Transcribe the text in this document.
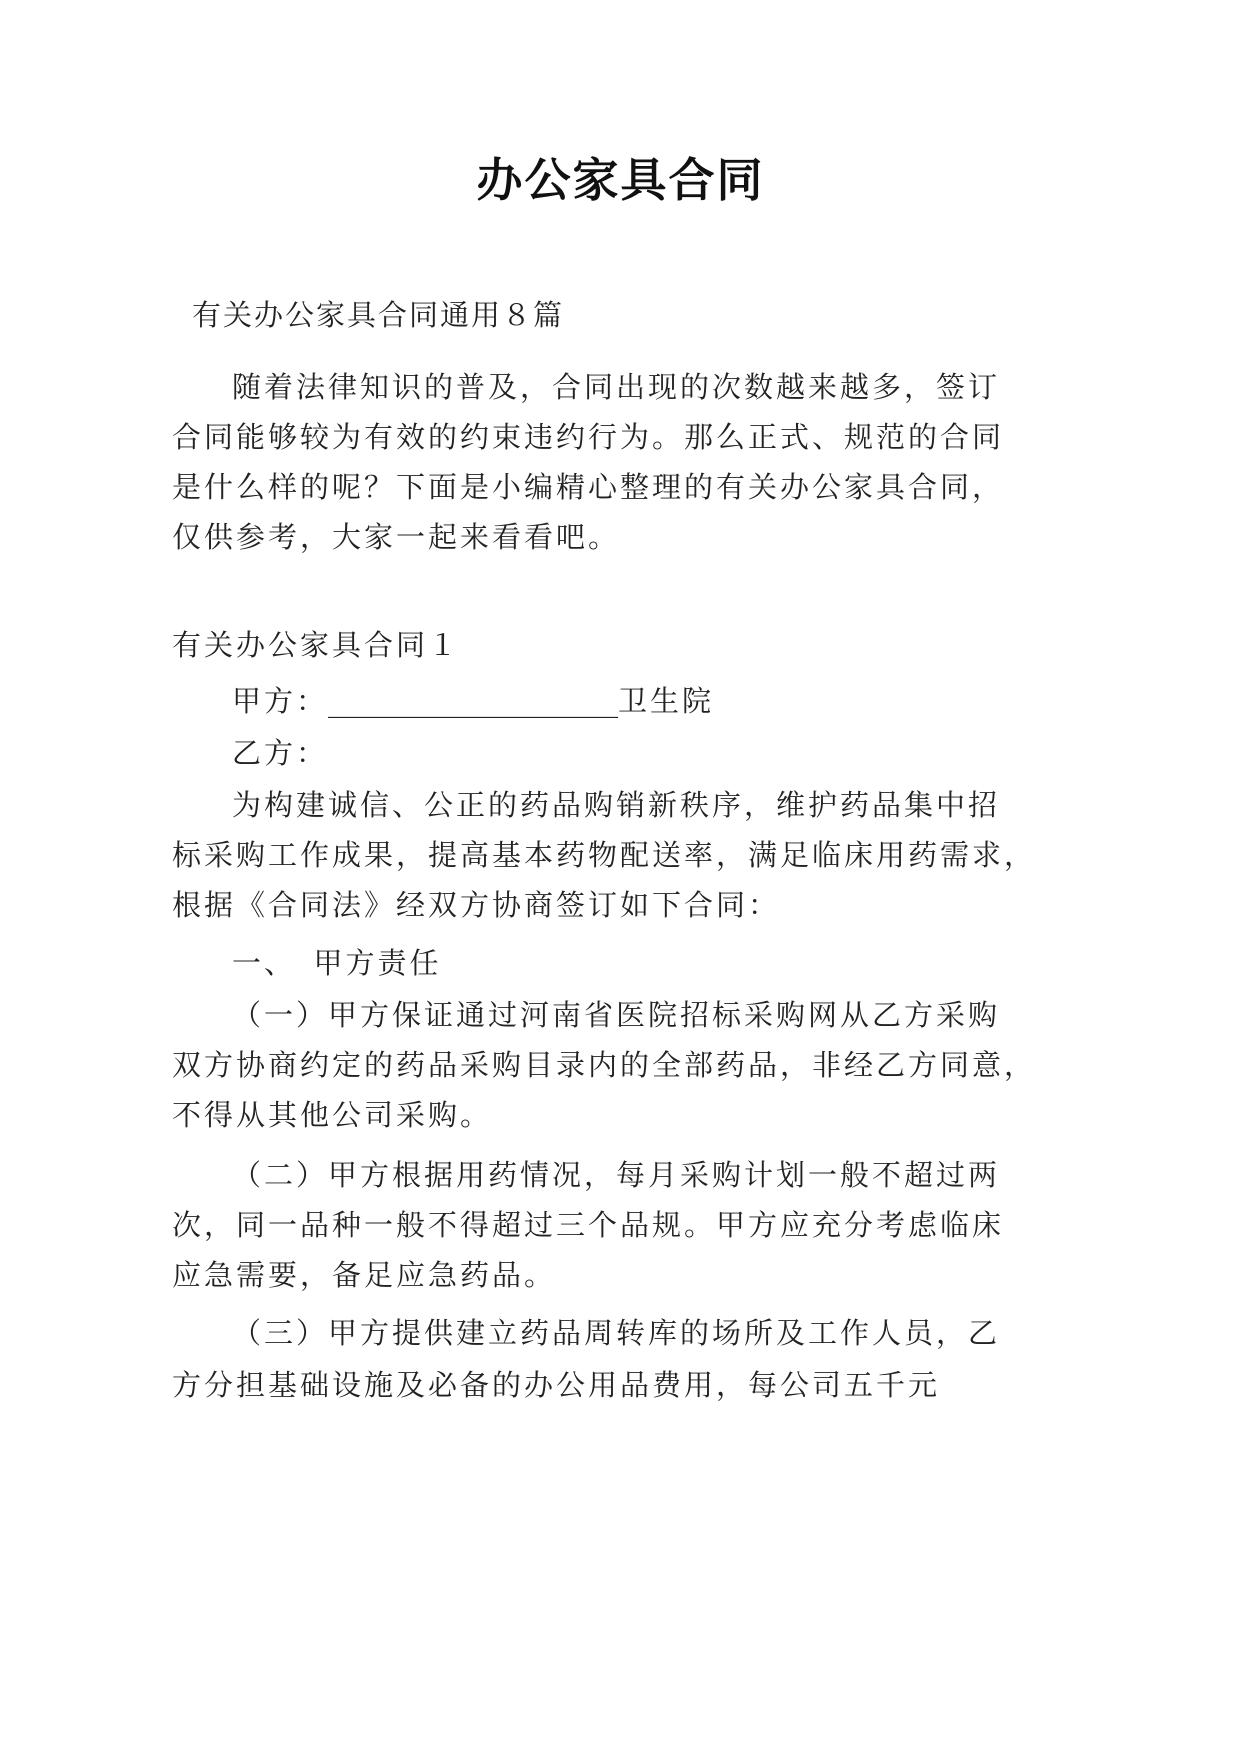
办公家具合同
有关办公家具合同通用８篇
随着法律知识的普及，合同出现的次数越来越多，签订
合同能够较为有效的约束违约行为。那么正式、规范的合同
是什么样的呢？下面是小编精心整理的有关办公家具合同，
仅供参考，大家一起来看看吧。
有关办公家具合同１
甲方：____________________卫生院
乙方：
为构建诚信、公正的药品购销新秩序，维护药品集中招
标采购工作成果，提高基本药物配送率，满足临床用药需求，
根据《合同法》经双方协商签订如下合同：
一、　甲方责任
（一）甲方保证通过河南省医院招标采购网从乙方采购
双方协商约定的药品采购目录内的全部药品，非经乙方同意，
不得从其他公司采购。
（二）甲方根据用药情况，每月采购计划一般不超过两
次，同一品种一般不得超过三个品规。甲方应充分考虑临床
应急需要，备足应急药品。
（三）甲方提供建立药品周转库的场所及工作人员，乙
方分担基础设施及必备的办公用品费用，每公司五千元
